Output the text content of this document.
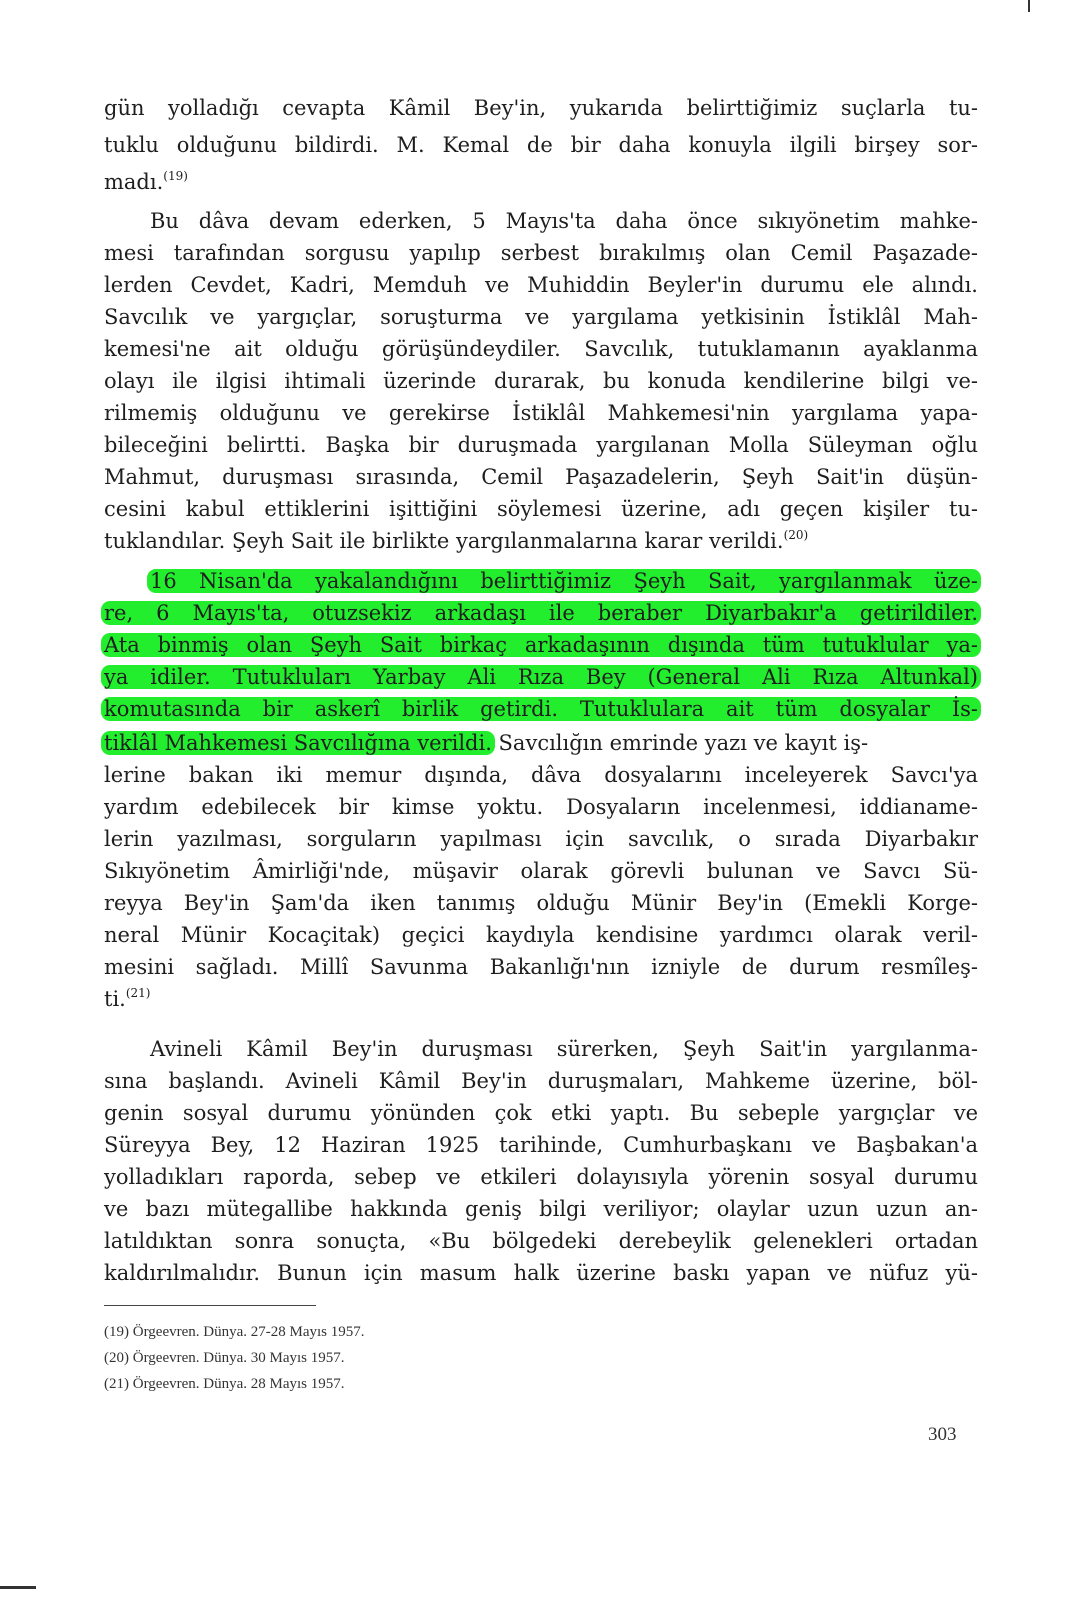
gün yolladığı cevapta Kâmil Bey'in, yukarıda belirttiğimiz suçlarla tu-
tuklu olduğunu bildirdi. M. Kemal de bir daha konuyla ilgili birşey sor-
madı.$^{(19)}$
Bu dâva devam ederken, 5 Mayıs'ta daha önce sıkıyönetim mahke-
mesi tarafından sorgusu yapılıp serbest bırakılmış olan Cemil Paşazade-
lerden Cevdet, Kadri, Memduh ve Muhiddin Beyler'in durumu ele alındı.
Savcılık ve yargıçlar, soruşturma ve yargılama yetkisinin İstiklâl Mah-
kemesi'ne ait olduğu görüşündeydiler. Savcılık, tutuklamanın ayaklanma
olayı ile ilgisi ihtimali üzerinde durarak, bu konuda kendilerine bilgi ve-
rilmemiş olduğunu ve gerekirse İstiklâl Mahkemesi'nin yargılama yapa-
bileceğini belirtti. Başka bir duruşmada yargılanan Molla Süleyman oğlu
Mahmut, duruşması sırasında, Cemil Paşazadelerin, Şeyh Sait'in düşün-
cesini kabul ettiklerini işittiğini söylemesi üzerine, adı geçen kişiler tu-
tuklandılar. Şeyh Sait ile birlikte yargılanmalarına karar verildi.$^{(20)}$
16 Nisan'da yakalandığını belirttiğimiz Şeyh Sait, yargılanmak üze-
re, 6 Mayıs'ta, otuzsekiz arkadaşı ile beraber Diyarbakır'a getirildiler.
Ata binmiş olan Şeyh Sait birkaç arkadaşının dışında tüm tutuklular ya-
ya idiler. Tutukluları Yarbay Ali Rıza Bey (General Ali Rıza Altunkal)
komutasında bir askerî birlik getirdi. Tutuklulara ait tüm dosyalar İs-
tiklâl Mahkemesi Savcılığına verildi. Savcılığın emrinde yazı ve kayıt iş-
lerine bakan iki memur dışında, dâva dosyalarını inceleyerek Savcı'ya
yardım edebilecek bir kimse yoktu. Dosyaların incelenmesi, iddianame-
lerin yazılması, sorguların yapılması için savcılık, o sırada Diyarbakır
Sıkıyönetim Âmirliği'nde, müşavir olarak görevli bulunan ve Savcı Sü-
reyya Bey'in Şam'da iken tanımış olduğu Münir Bey'in (Emekli Korge-
neral Münir Kocaçitak) geçici kaydıyla kendisine yardımcı olarak veril-
mesini sağladı. Millî Savunma Bakanlığı'nın izniyle de durum resmîleş-
ti.$^{(21)}$
Avineli Kâmil Bey'in duruşması sürerken, Şeyh Sait'in yargılanma-
sına başlandı. Avineli Kâmil Bey'in duruşmaları, Mahkeme üzerine, böl-
genin sosyal durumu yönünden çok etki yaptı. Bu sebeple yargıçlar ve
Süreyya Bey, 12 Haziran 1925 tarihinde, Cumhurbaşkanı ve Başbakan'a
yolladıkları raporda, sebep ve etkileri dolayısıyla yörenin sosyal durumu
ve bazı mütegallibe hakkında geniş bilgi veriliyor; olaylar uzun uzun an-
latıldıktan sonra sonuçta, «Bu bölgedeki derebeylik gelenekleri ortadan
kaldırılmalıdır. Bunun için masum halk üzerine baskı yapan ve nüfuz yü-
(19) Örgeevren. Dünya. 27-28 Mayıs 1957.
(20) Örgeevren. Dünya. 30 Mayıs 1957.
(21) Örgeevren. Dünya. 28 Mayıs 1957.
303
